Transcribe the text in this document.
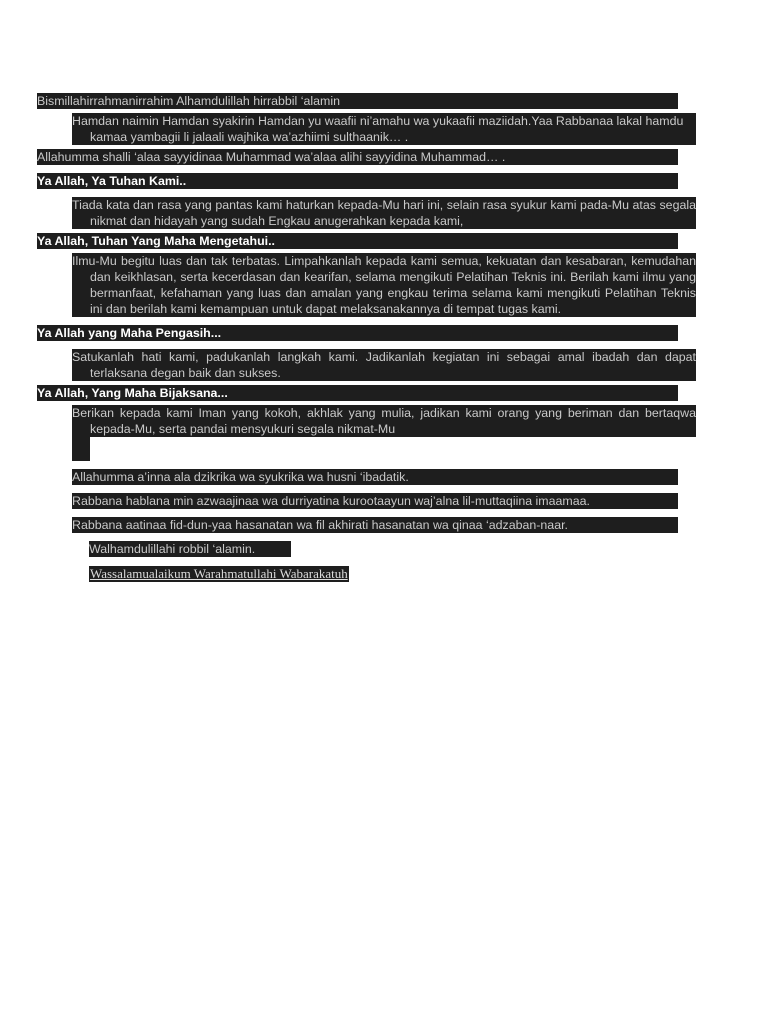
Bismillahirrahmanirrahim Alhamdulillah hirrabbil ‘alamin
Hamdan naimin Hamdan syakirin Hamdan yu waafii ni’amahu wa yukaafii maziidah.Yaa Rabbanaa lakal hamdu kamaa yambagii li jalaali wajhika wa’azhiimi sulthaanik… .
Allahumma shalli ‘alaa sayyidinaa Muhammad wa’alaa alihi sayyidina Muhammad… .
Ya Allah, Ya Tuhan Kami..
Tiada kata dan rasa yang pantas kami haturkan kepada-Mu hari ini, selain rasa syukur kami pada-Mu atas segala nikmat dan hidayah yang sudah Engkau anugerahkan kepada kami,
Ya Allah, Tuhan Yang Maha Mengetahui..
Ilmu-Mu begitu luas dan tak terbatas. Limpahkanlah kepada kami semua, kekuatan dan kesabaran, kemudahan dan keikhlasan, serta kecerdasan dan kearifan, selama mengikuti Pelatihan Teknis ini. Berilah kami ilmu yang bermanfaat, kefahaman yang luas dan amalan yang engkau terima selama kami mengikuti Pelatihan Teknis ini dan berilah kami kemampuan untuk dapat melaksanakannya di tempat tugas kami.
Ya Allah yang Maha Pengasih...
Satukanlah hati kami, padukanlah langkah kami. Jadikanlah kegiatan ini sebagai amal ibadah dan dapat terlaksana degan baik dan sukses.
Ya Allah, Yang Maha Bijaksana...
Berikan kepada kami Iman yang kokoh, akhlak yang mulia, jadikan kami orang yang beriman dan bertaqwa kepada-Mu, serta pandai mensyukuri segala nikmat-Mu
Allahumma a’inna ala dzikrika wa syukrika wa husni ‘ibadatik.
Rabbana hablana min azwaajinaa wa durriyatina kurootaayun waj’alna lil-muttaqiina imaamaa.
Rabbana aatinaa fid-dun-yaa hasanatan wa fil akhirati hasanatan wa qinaa ‘adzaban-naar.
Walhamdulillahi robbil ‘alamin.
Wassalamualaikum Warahmatullahi Wabarakatuh
